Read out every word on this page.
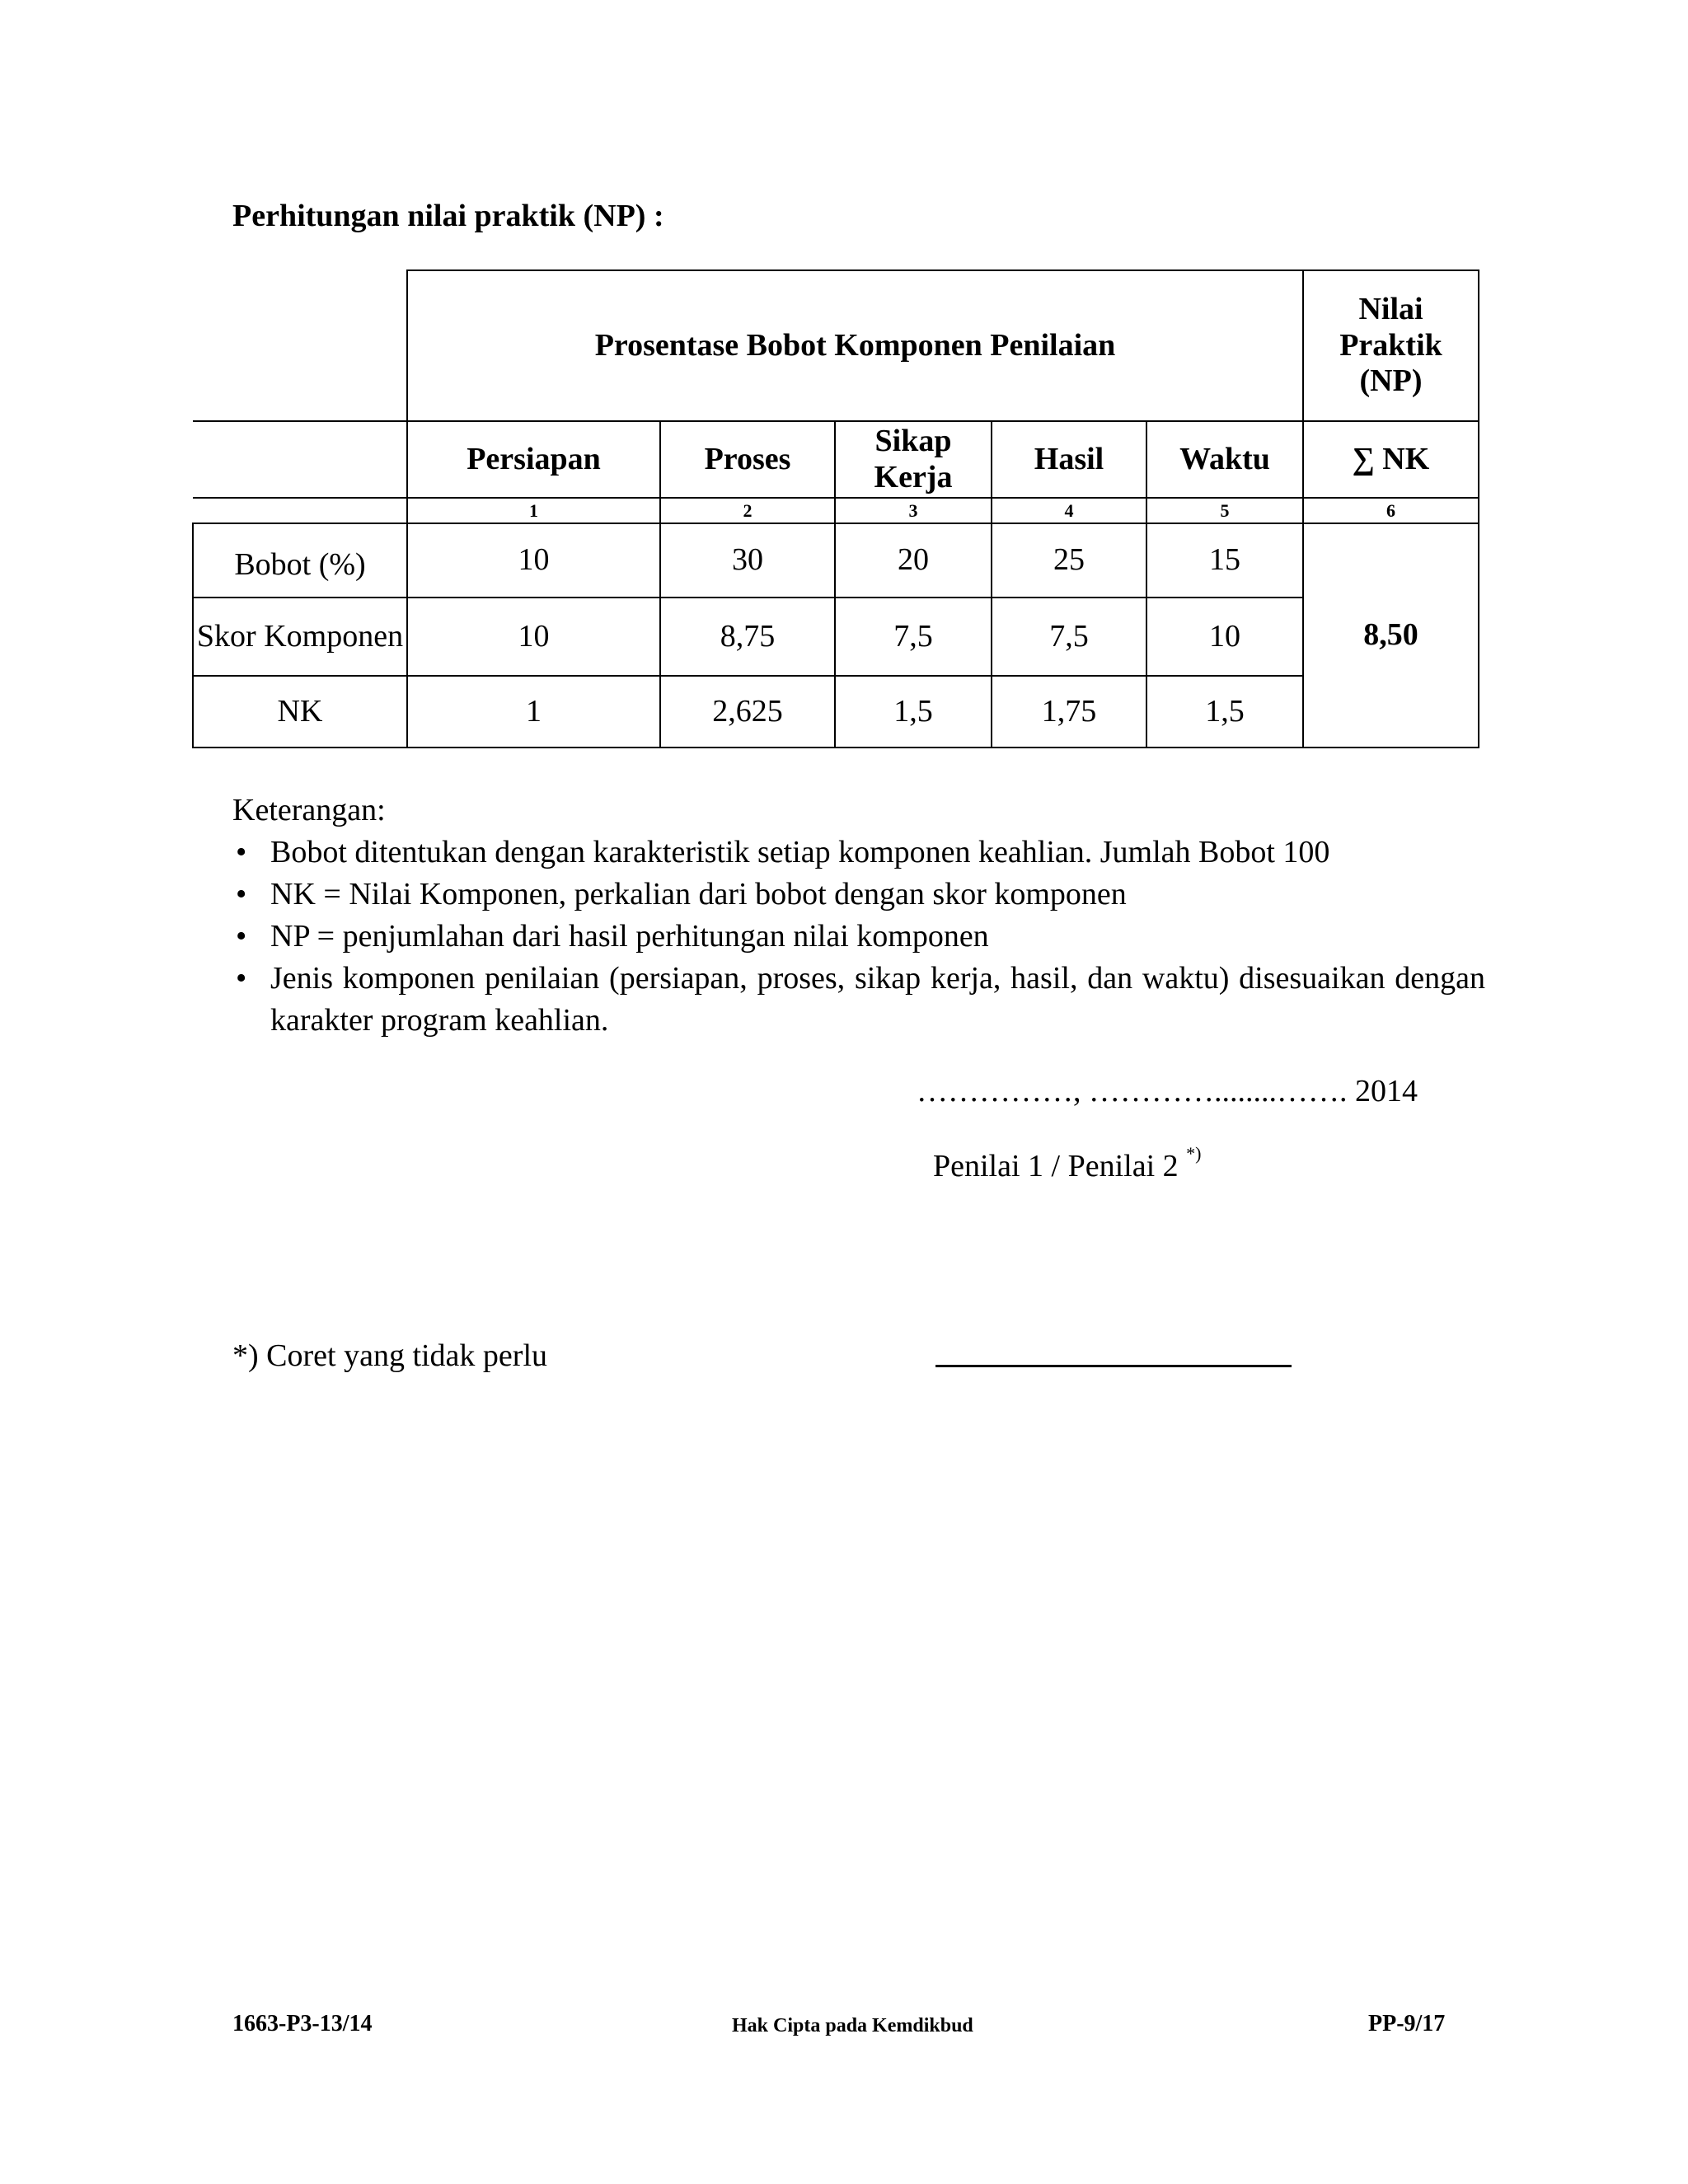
Perhitungan nilai praktik (NP) :
	Prosentase Bobot Komponen Penilaian					Nilai
Praktik
(NP)
	Persiapan	Proses	Sikap Kerja	Hasil	Waktu	∑ NK
	1	2	3	4	5	6
Bobot (%)	10	30	20	25	15	8,50
Skor Komponen	10	8,75	7,5	7,5	10	
NK	1	2,625	1,5	1,75	1,5	

Keterangan:

• Bobot ditentukan dengan karakteristik setiap komponen keahlian. Jumlah Bobot 100
• NK = Nilai Komponen, perkalian dari bobot dengan skor komponen
• NP = penjumlahan dari hasil perhitungan nilai komponen
• Jenis komponen penilaian (persiapan, proses, sikap kerja, hasil, dan waktu) disesuaikan dengan karakter program keahlian.
……………, …………........……. 2014
Penilai 1 / Penilai 2 *)
*) Coret yang tidak perlu
1663-P3-13/14	Hak Cipta pada Kemdikbud	PP-9/17
